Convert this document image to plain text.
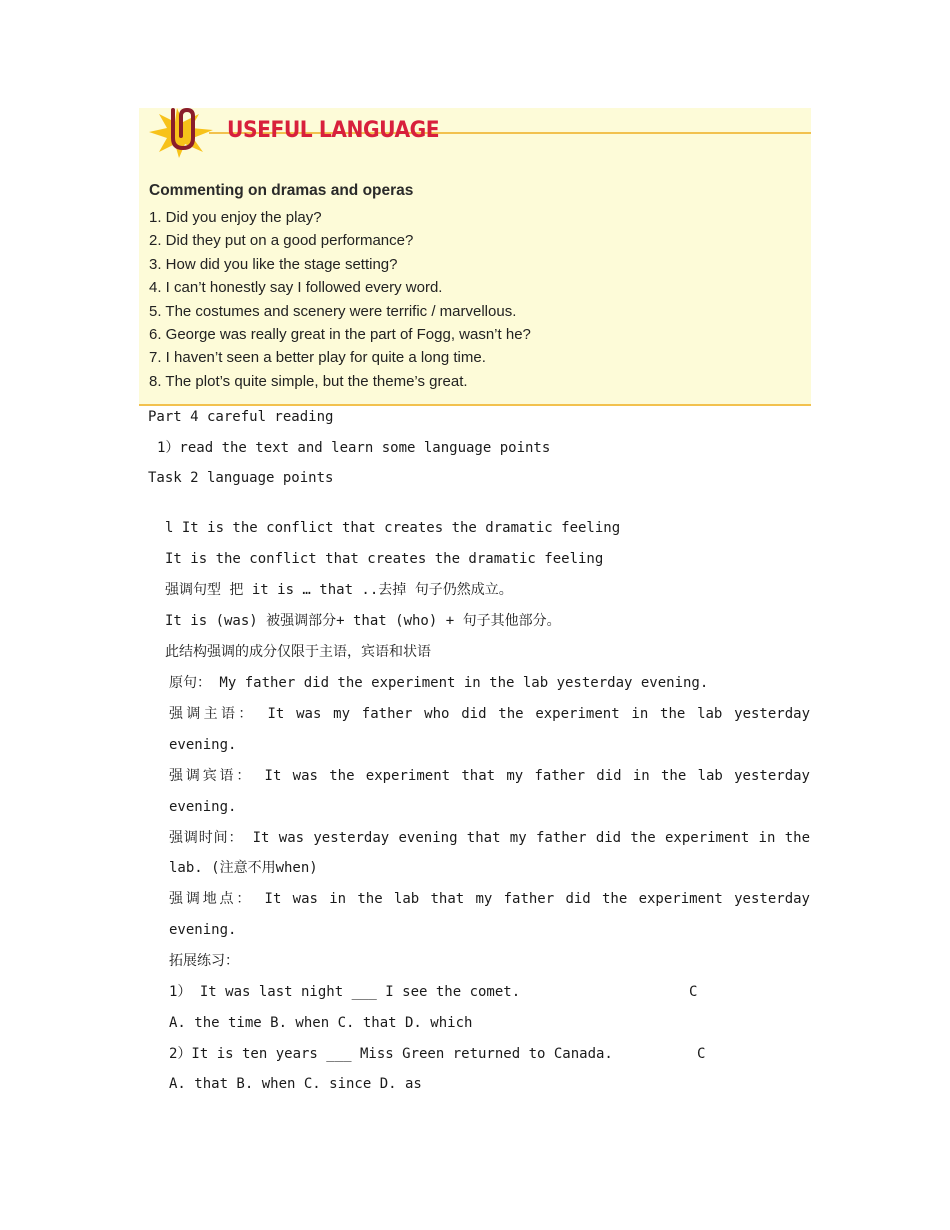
USEFUL LANGUAGE
Commenting on dramas and operas
1. Did you enjoy the play?
2. Did they put on a good performance?
3. How did you like the stage setting?
4. I can’t honestly say I followed every word.
5. The costumes and scenery were terrific / marvellous.
6. George was really great in the part of Fogg, wasn’t he?
7. I haven’t seen a better play for quite a long time.
8. The plot’s quite simple, but the theme’s great.
Part 4 careful reading
1）read the text and learn some language points
Task 2 language points
l It is the conflict that creates the dramatic feeling
It is the conflict that creates the dramatic feeling
强调句型 把 it is … that ..去掉 句子仍然成立。
It is (was) 被强调部分+ that (who) + 句子其他部分。
此结构强调的成分仅限于主语，宾语和状语
原句： My father did the experiment in the lab yesterday evening.
强调主语： It was my father who did the experiment in the lab yesterday
evening.
强调宾语： It was the experiment that my father did in the lab yesterday
evening.
强调时间： It was yesterday evening that my father did the experiment in the
lab. (注意不用when)
强调地点： It was in the lab that my father did the experiment yesterday
evening.
拓展练习：
1） It was last night ___ I see the comet.	C
A. the time B. when C. that D. which
2）It is ten years ___ Miss Green returned to Canada.	C
A. that B. when C. since D. as
